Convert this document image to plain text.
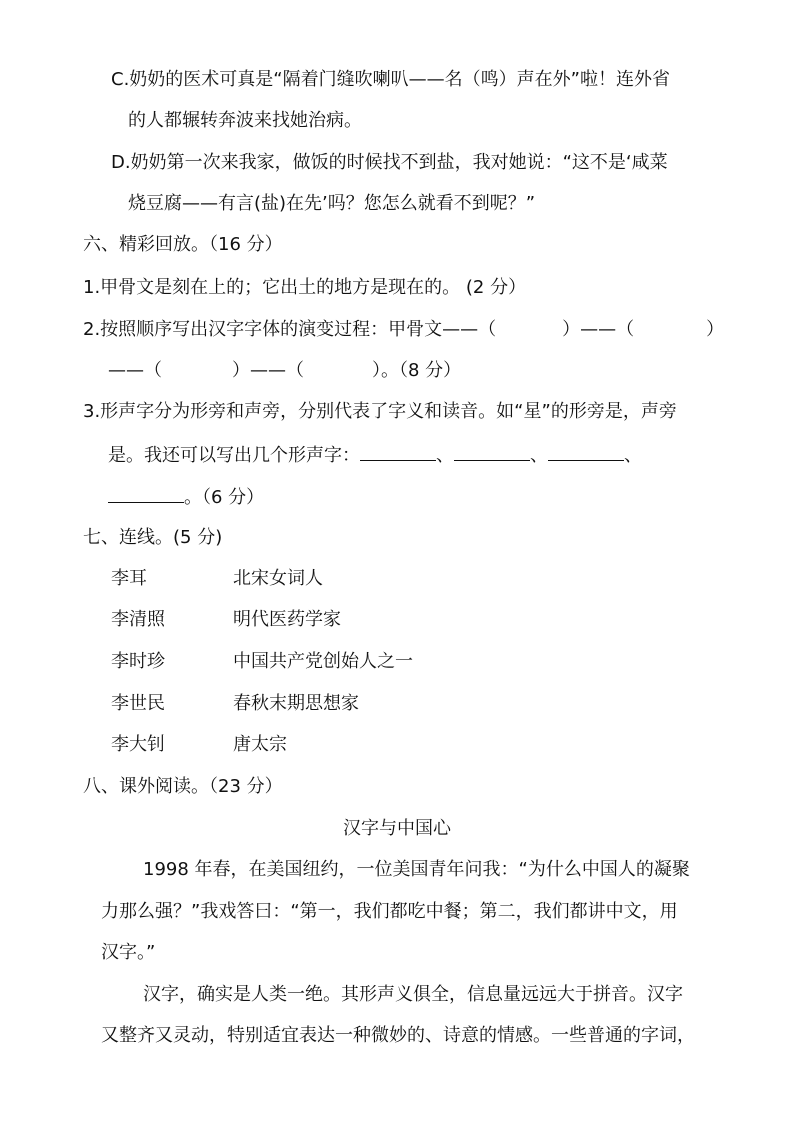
C.奶奶的医术可真是“隔着门缝吹喇叭——名（鸣）声在外”啦！连外省
的人都辗转奔波来找她治病。
D.奶奶第一次来我家，做饭的时候找不到盐，我对她说：“这不是‘咸菜
烧豆腐——有言(盐)在先’吗？您怎么就看不到呢？”
六、精彩回放。（16 分）
1.甲骨文是刻在上的；它出土的地方是现在的。 (2 分）
2.按照顺序写出汉字字体的演变过程：甲骨文——（	）——（	）
——（	）——（	）。（8 分）
3.形声字分为形旁和声旁，分别代表了字义和读音。如“星”的形旁是，声旁
是。我还可以写出几个形声字：	、	、	、
。（6 分）
七、连线。(5 分)
李耳	北宋女词人
李清照	明代医药学家
李时珍	中国共产党创始人之一
李世民	春秋末期思想家
李大钊	唐太宗
八、课外阅读。（23 分）
汉字与中国心
1998 年春，在美国纽约，一位美国青年问我：“为什么中国人的凝聚
力那么强？”我戏答曰：“第一，我们都吃中餐；第二，我们都讲中文，用
汉字。”
汉字，确实是人类一绝。其形声义俱全，信息量远远大于拼音。汉字
又整齐又灵动，特别适宜表达一种微妙的、诗意的情感。一些普通的字词，
